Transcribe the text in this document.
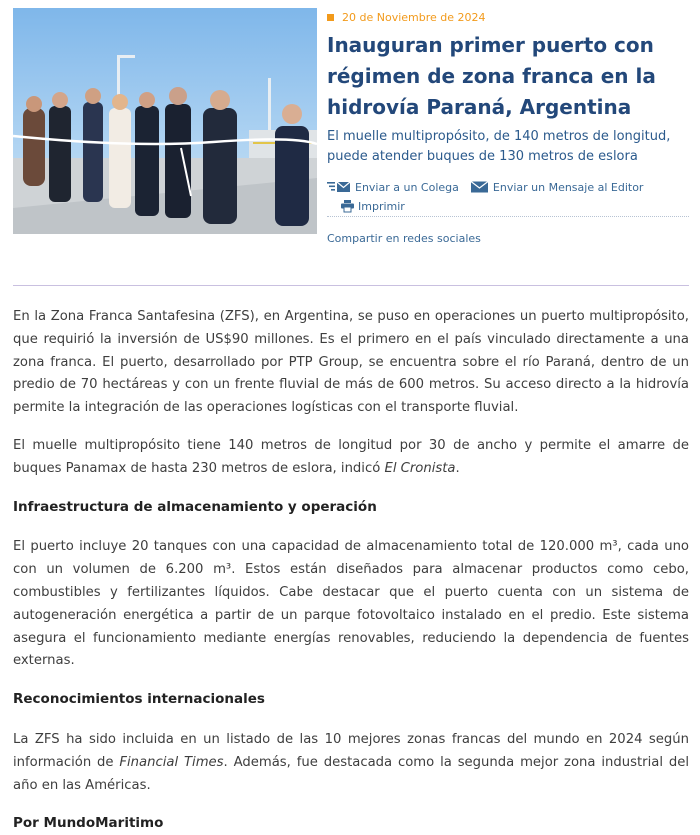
20 de Noviembre de 2024
Inauguran primer puerto con régimen de zona franca en la hidrovía Paraná, Argentina

El muelle multipropósito, de 140 metros de longitud, puede atender buques de 130 metros de eslora

Enviar a un Colega	Enviar un Mensaje al Editor
Imprimir
Compartir en redes sociales

En la Zona Franca Santafesina (ZFS), en Argentina, se puso en operaciones un puerto multipropósito, que requirió la inversión de US$90 millones. Es el primero en el país vinculado directamente a una zona franca. El puerto, desarrollado por PTP Group, se encuentra sobre el río Paraná, dentro de un predio de 70 hectáreas y con un frente fluvial de más de 600 metros. Su acceso directo a la hidrovía permite la integración de las operaciones logísticas con el transporte fluvial.

El muelle multipropósito tiene 140 metros de longitud por 30 de ancho y permite el amarre de buques Panamax de hasta 230 metros de eslora, indicó El Cronista.

Infraestructura de almacenamiento y operación

El puerto incluye 20 tanques con una capacidad de almacenamiento total de 120.000 m³, cada uno con un volumen de 6.200 m³. Estos están diseñados para almacenar productos como cebo, combustibles y fertilizantes líquidos. Cabe destacar que el puerto cuenta con un sistema de autogeneración energética a partir de un parque fotovoltaico instalado en el predio. Este sistema asegura el funcionamiento mediante energías renovables, reduciendo la dependencia de fuentes externas.

Reconocimientos internacionales

La ZFS ha sido incluida en un listado de las 10 mejores zonas francas del mundo en 2024 según información de Financial Times. Además, fue destacada como la segunda mejor zona industrial del año en las Américas.

Por MundoMaritimo
